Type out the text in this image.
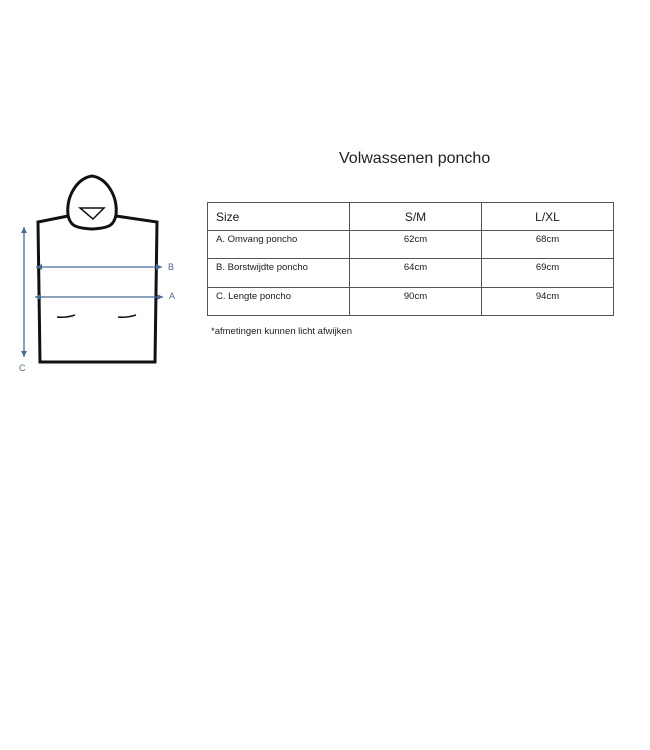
B
A
C
Volwassenen poncho
Size	S/M	L/XL
A. Omvang poncho	62cm	68cm
B. Borstwijdte poncho	64cm	69cm
C. Lengte poncho	90cm	94cm
*afmetingen kunnen licht afwijken
